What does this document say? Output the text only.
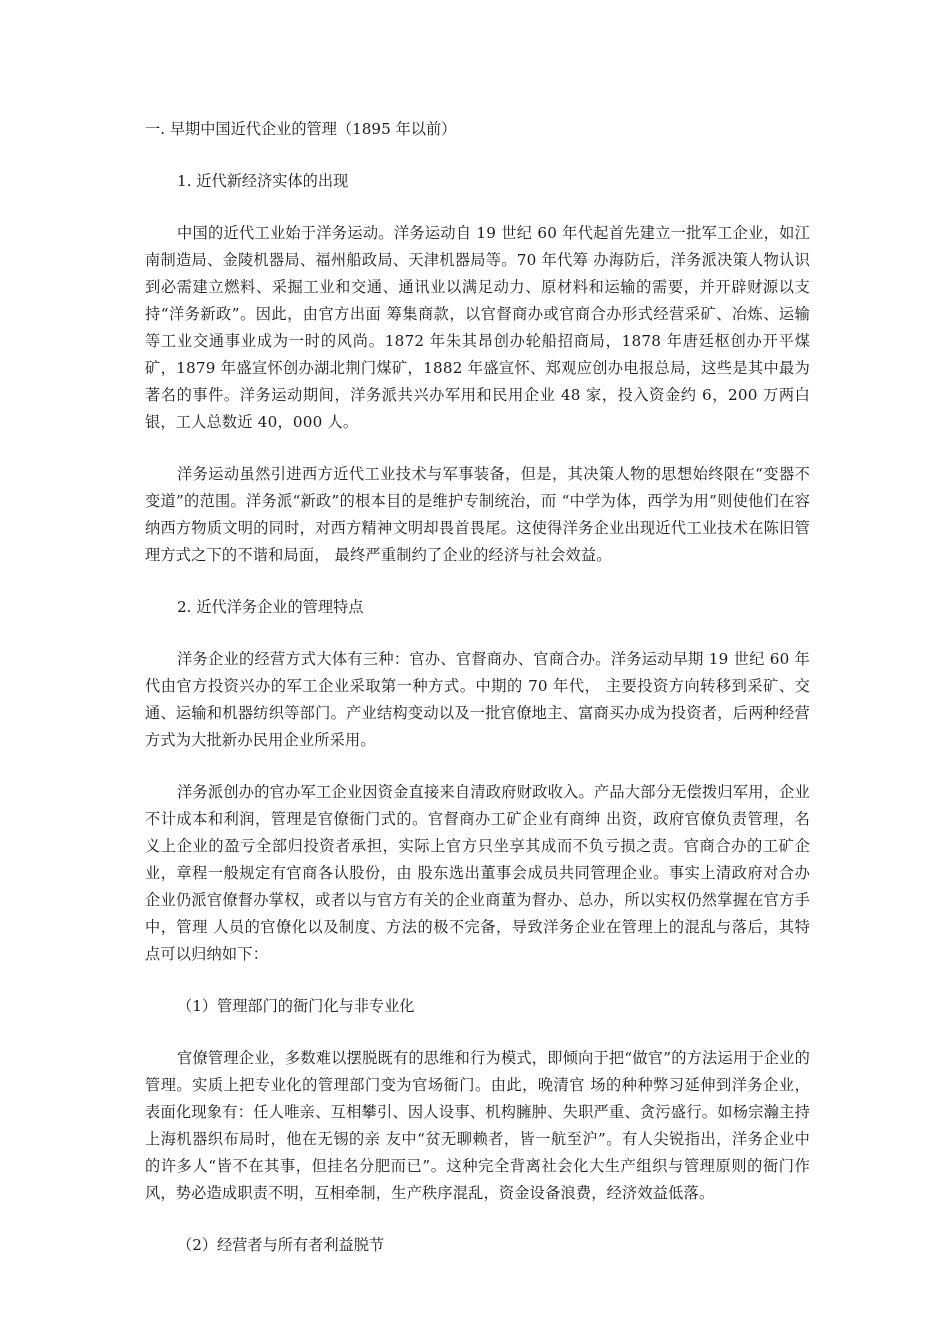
一. 早期中国近代企业的管理（1895 年以前）

1. 近代新经济实体的出现

中国的近代工业始于洋务运动。洋务运动自 19 世纪 60 年代起首先建立一批军工企业，如江南制造局、金陵机器局、福州船政局、天津机器局等。70 年代筹 办海防后，洋务派决策人物认识到必需建立燃料、采掘工业和交通、通讯业以满足动力、原材料和运输的需要，并开辟财源以支持“洋务新政”。因此，由官方出面 筹集商款，以官督商办或官商合办形式经营采矿、冶炼、运输等工业交通事业成为一时的风尚。1872 年朱其昂创办轮船招商局，1878 年唐廷枢创办开平煤 矿，1879 年盛宣怀创办湖北荆门煤矿，1882 年盛宣怀、郑观应创办电报总局，这些是其中最为著名的事件。洋务运动期间，洋务派共兴办军用和民用企业 48 家，投入资金约 6，200 万两白银，工人总数近 40，000 人。

洋务运动虽然引进西方近代工业技术与军事装备，但是，其决策人物的思想始终限在“变器不变道”的范围。洋务派“新政”的根本目的是维护专制统治，而 “中学为体，西学为用”则使他们在容纳西方物质文明的同时，对西方精神文明却畏首畏尾。这使得洋务企业出现近代工业技术在陈旧管理方式之下的不谐和局面， 最终严重制约了企业的经济与社会效益。

2. 近代洋务企业的管理特点

洋务企业的经营方式大体有三种：官办、官督商办、官商合办。洋务运动早期 19 世纪 60 年代由官方投资兴办的军工企业采取第一种方式。中期的 70 年代， 主要投资方向转移到采矿、交通、运输和机器纺织等部门。产业结构变动以及一批官僚地主、富商买办成为投资者，后两种经营方式为大批新办民用企业所采用。

洋务派创办的官办军工企业因资金直接来自清政府财政收入。产品大部分无偿拨归军用，企业不计成本和利润，管理是官僚衙门式的。官督商办工矿企业有商绅 出资，政府官僚负责管理，名义上企业的盈亏全部归投资者承担，实际上官方只坐享其成而不负亏损之责。官商合办的工矿企业，章程一般规定有官商各认股份，由 股东选出董事会成员共同管理企业。事实上清政府对合办企业仍派官僚督办掌权，或者以与官方有关的企业商董为督办、总办，所以实权仍然掌握在官方手中，管理 人员的官僚化以及制度、方法的极不完备，导致洋务企业在管理上的混乱与落后，其特点可以归纳如下：

（1）管理部门的衙门化与非专业化

官僚管理企业，多数难以摆脱既有的思维和行为模式，即倾向于把“做官”的方法运用于企业的管理。实质上把专业化的管理部门变为官场衙门。由此，晚清官 场的种种弊习延伸到洋务企业，表面化现象有：任人唯亲、互相攀引、因人设事、机构臃肿、失职严重、贪污盛行。如杨宗瀚主持上海机器织布局时，他在无锡的亲 友中“贫无聊赖者，皆一航至沪”。有人尖锐指出，洋务企业中的许多人“皆不在其事，但挂名分肥而已”。这种完全背离社会化大生产组织与管理原则的衙门作 风，势必造成职责不明，互相牵制，生产秩序混乱，资金设备浪费，经济效益低落。

（2）经营者与所有者利益脱节
